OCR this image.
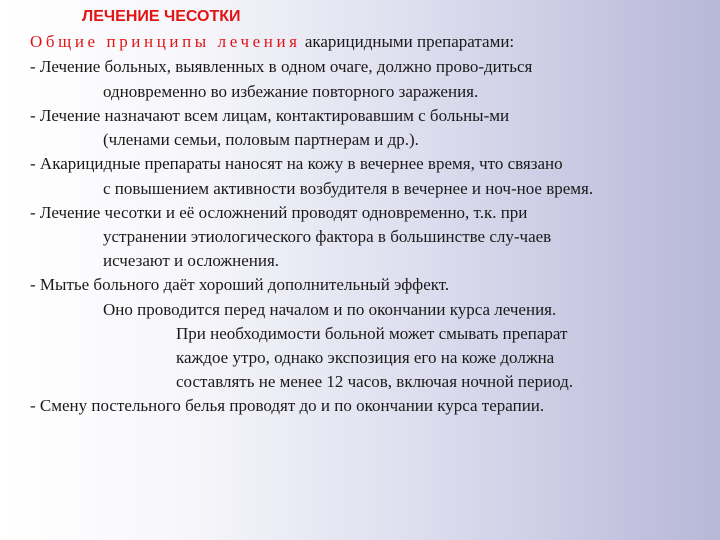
ЛЕЧЕНИЕ ЧЕСОТКИ
Общие принципы лечения акарицидными препаратами:
- Лечение больных, выявленных в одном очаге, должно прово-диться
одновременно во избежание повторного заражения.
- Лечение назначают всем лицам, контактировавшим с больны-ми
(членами семьи, половым партнерам и др.).
- Акарицидные препараты наносят на кожу в вечернее время, что связано
с повышением активности возбудителя в вечернее и ноч-ное время.
- Лечение чесотки и её осложнений проводят одновременно, т.к. при
устранении этиологического фактора в большинстве слу-чаев
исчезают и осложнения.
- Мытье больного даёт хороший дополнительный эффект.
Оно проводится перед началом и по окончании курса лечения.
При необходимости больной может смывать препарат
каждое утро, однако экспозиция его на коже должна
составлять не менее 12 часов, включая ночной период.
- Смену постельного белья проводят до и по окончании курса терапии.
